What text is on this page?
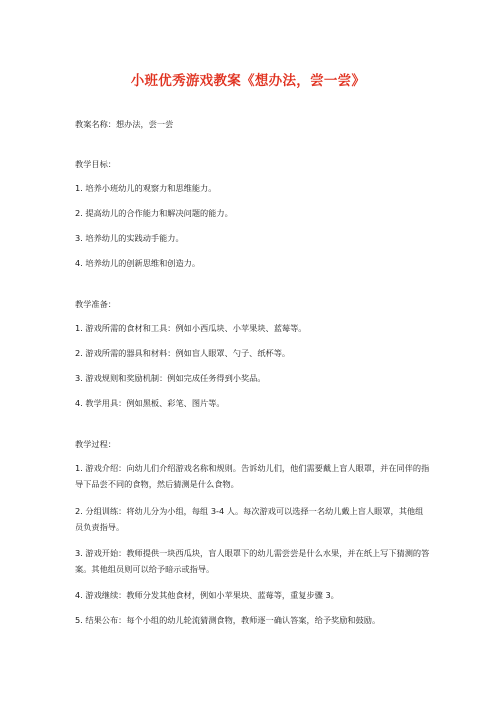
小班优秀游戏教案《想办法，尝一尝》
教案名称：想办法，尝一尝
教学目标：
1. 培养小班幼儿的观察力和思维能力。
2. 提高幼儿的合作能力和解决问题的能力。
3. 培养幼儿的实践动手能力。
4. 培养幼儿的创新思维和创造力。
教学准备：
1. 游戏所需的食材和工具：例如小西瓜块、小苹果块、蓝莓等。
2. 游戏所需的器具和材料：例如盲人眼罩、勺子、纸杯等。
3. 游戏规则和奖励机制：例如完成任务得到小奖品。
4. 教学用具：例如黑板、彩笔、图片等。
教学过程：
1. 游戏介绍：向幼儿们介绍游戏名称和规则。告诉幼儿们，他们需要戴上盲人眼罩，并在同伴的指导下品尝不同的食物，然后猜测是什么食物。
2. 分组训练：将幼儿分为小组，每组 3-4 人。每次游戏可以选择一名幼儿戴上盲人眼罩，其他组员负责指导。
3. 游戏开始：教师提供一块西瓜块，盲人眼罩下的幼儿需尝尝是什么水果，并在纸上写下猜测的答案。其他组员则可以给予暗示或指导。
4. 游戏继续：教师分发其他食材，例如小苹果块、蓝莓等，重复步骤 3。
5. 结果公布：每个小组的幼儿轮流猜测食物，教师逐一确认答案，给予奖励和鼓励。
